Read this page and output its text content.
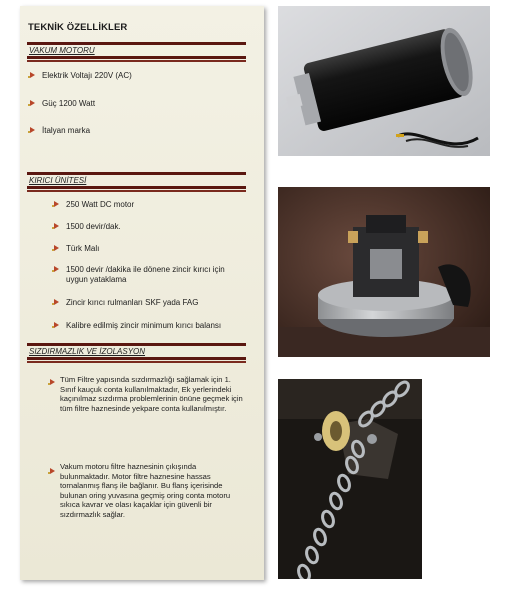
TEKNİK ÖZELLİKLER
VAKUM MOTORU
Elektrik Voltajı 220V (AC)
Güç 1200 Watt
İtalyan marka
KIRICI ÜNİTESİ
250 Watt DC motor
1500 devir/dak.
Türk Malı
1500 devir /dakika ile dönene zincir kırıcı için uygun yataklama
Zincir kırıcı rulmanları SKF yada FAG
Kalibre edilmiş zincir minimum kırıcı balansı
SIZDIRMAZLIK VE İZOLASYON
Tüm Filtre yapısında sızdırmazlığı sağlamak için 1. Sınıf kauçuk conta kullanılmaktadır, Ek yerlerindeki kaçınılmaz sızdırma problemlerinin önüne geçmek için tüm filtre haznesinde yekpare conta kullanılmıştır.
Vakum motoru filtre haznesinin çıkışında bulunmaktadır. Motor filtre haznesine hassas tornalanmış flanş ile bağlanır. Bu flanş içerisinde bulunan oring yuvasına geçmiş oring conta motoru sıkıca kavrar ve olası kaçaklar için güvenli bir sızdırmazlık sağlar.
